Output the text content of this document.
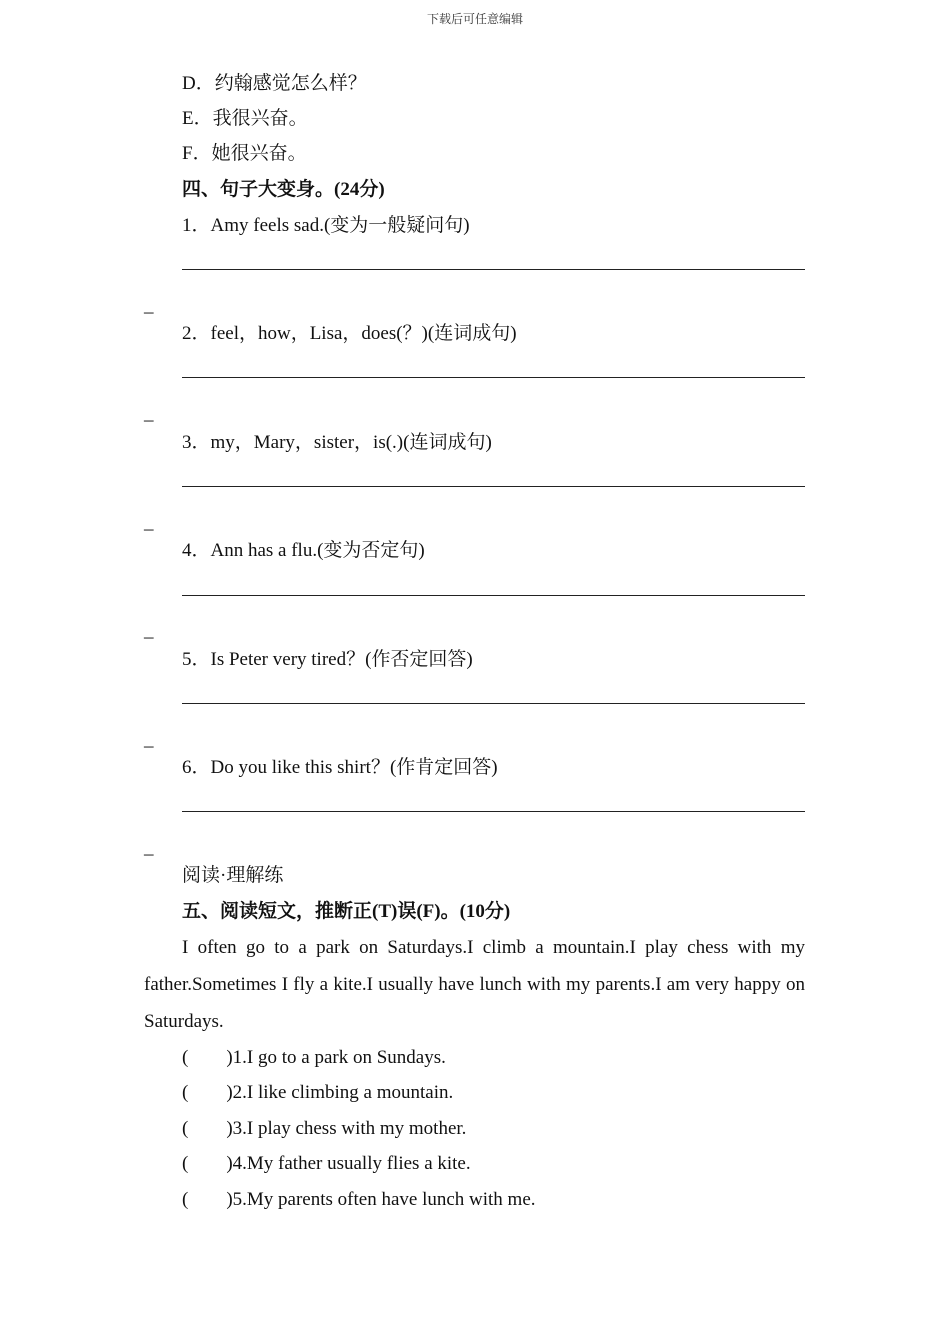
下载后可任意编辑
D．约翰感觉怎么样？
E．我很兴奋。
F．她很兴奋。
四、句子大变身。(24分)
1．Amy feels sad.(变为一般疑问句)
_
2．feel，how，Lisa，does(？)(连词成句)
_
3．my，Mary，sister，is(.)(连词成句)
_
4．Ann has a flu.(变为否定句)
_
5．Is Peter very tired？(作否定回答)
_
6．Do you like this shirt？(作肯定回答)
_
阅读·理解练
五、阅读短文，推断正(T)误(F)。(10分)
I often go to a park on Saturdays.I climb a mountain.I play chess with my father.Sometimes I fly a kite.I usually have lunch with my parents.I am very happy on Saturdays.
( )1.I go to a park on Sundays.
( )2.I like climbing a mountain.
( )3.I play chess with my mother.
( )4.My father usually flies a kite.
( )5.My parents often have lunch with me.
